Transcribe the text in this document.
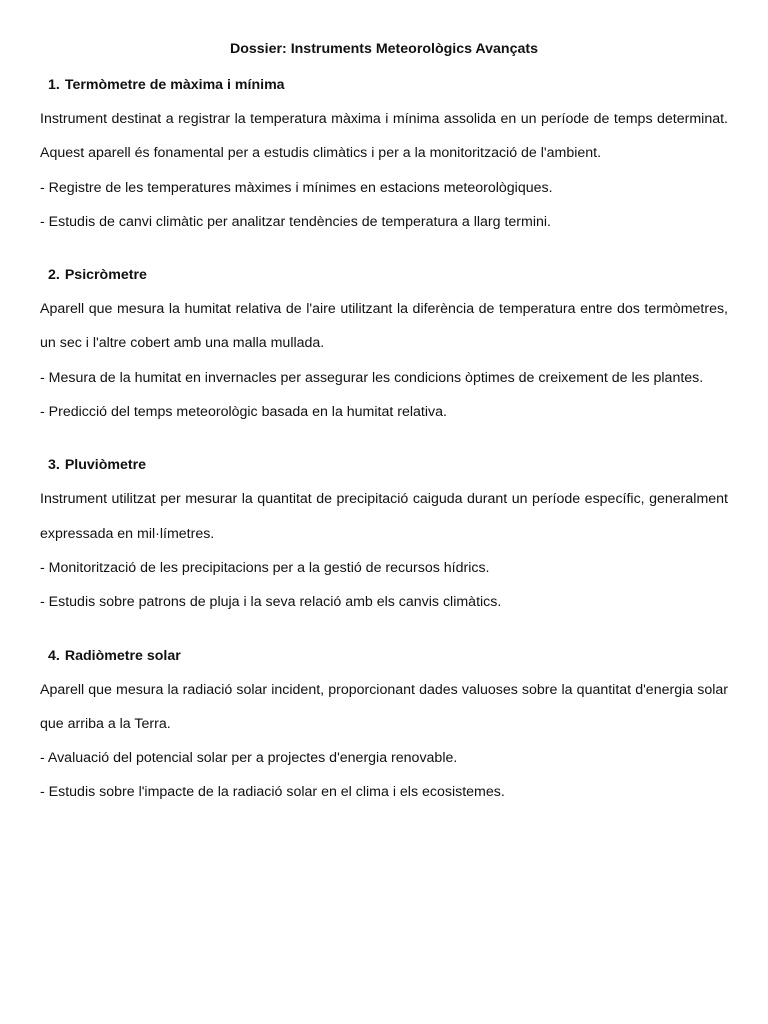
Dossier: Instruments Meteorològics Avançats
1. Termòmetre de màxima i mínima

Instrument destinat a registrar la temperatura màxima i mínima assolida en un període de temps determinat. Aquest aparell és fonamental per a estudis climàtics i per a la monitorització de l'ambient.

- Registre de les temperatures màximes i mínimes en estacions meteorològiques.

- Estudis de canvi climàtic per analitzar tendències de temperatura a llarg termini.

2. Psicròmetre

Aparell que mesura la humitat relativa de l'aire utilitzant la diferència de temperatura entre dos termòmetres, un sec i l'altre cobert amb una malla mullada.

- Mesura de la humitat en invernacles per assegurar les condicions òptimes de creixement de les plantes.

- Predicció del temps meteorològic basada en la humitat relativa.

3. Pluviòmetre

Instrument utilitzat per mesurar la quantitat de precipitació caiguda durant un període específic, generalment expressada en mil·límetres.

- Monitorització de les precipitacions per a la gestió de recursos hídrics.

- Estudis sobre patrons de pluja i la seva relació amb els canvis climàtics.

4. Radiòmetre solar

Aparell que mesura la radiació solar incident, proporcionant dades valuoses sobre la quantitat d'energia solar que arriba a la Terra.

- Avaluació del potencial solar per a projectes d'energia renovable.

- Estudis sobre l'impacte de la radiació solar en el clima i els ecosistemes.
